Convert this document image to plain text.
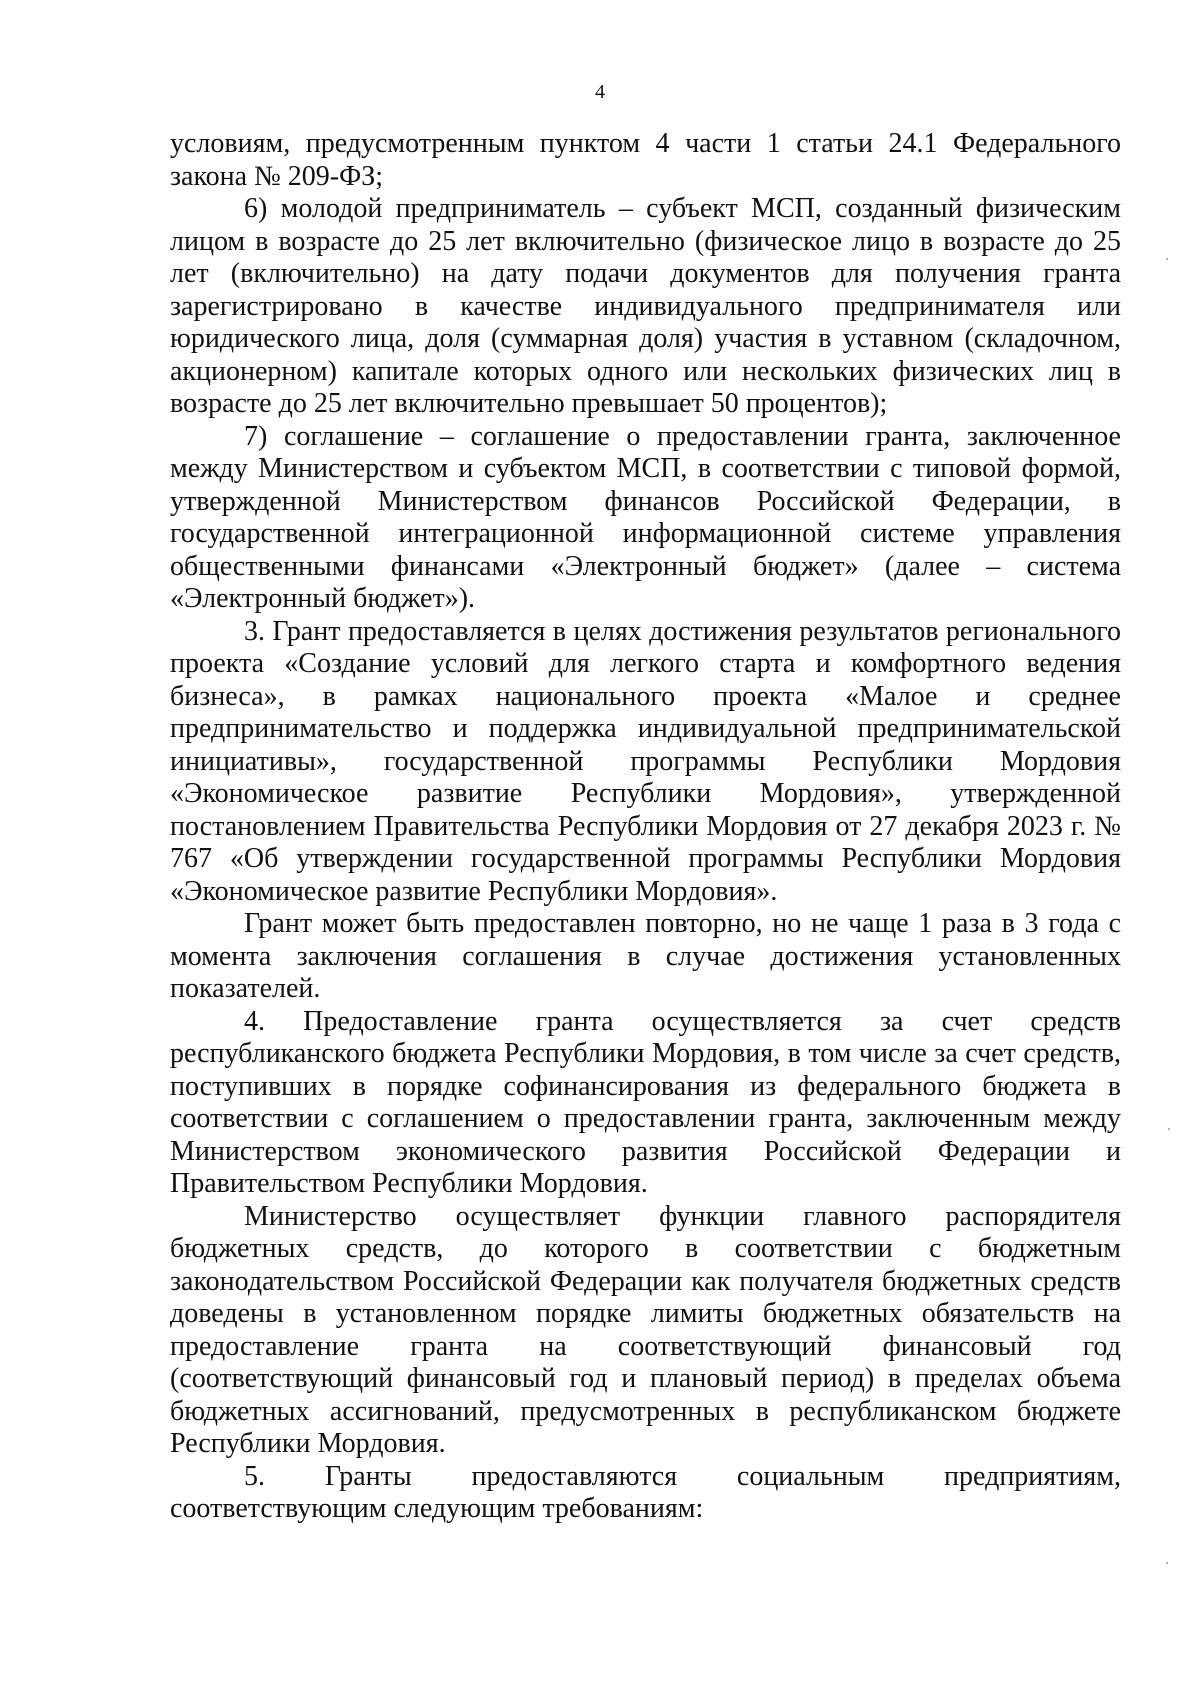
4

условиям, предусмотренным пунктом 4 части 1 статьи 24.1 Федерального закона № 209-ФЗ;

6) молодой предприниматель – субъект МСП, созданный физическим лицом в возрасте до 25 лет включительно (физическое лицо в возрасте до 25 лет (включительно) на дату подачи документов для получения гранта зарегистрировано в качестве индивидуального предпринимателя или юридического лица, доля (суммарная доля) участия в уставном (складочном, акционерном) капитале которых одного или нескольких физических лиц в возрасте до 25 лет включительно превышает 50 процентов);

7) соглашение – соглашение о предоставлении гранта, заключенное между Министерством и субъектом МСП, в соответствии с типовой формой, утвержденной Министерством финансов Российской Федерации, в государственной интеграционной информационной системе управления общественными финансами «Электронный бюджет» (далее – система «Электронный бюджет»).

3. Грант предоставляется в целях достижения результатов регионального проекта «Создание условий для легкого старта и комфортного ведения бизнеса», в рамках национального проекта «Малое и среднее предпринимательство и поддержка индивидуальной предпринимательской инициативы», государственной программы Республики Мордовия «Экономическое развитие Республики Мордовия», утвержденной постановлением Правительства Республики Мордовия от 27 декабря 2023 г. № 767 «Об утверждении государственной программы Республики Мордовия «Экономическое развитие Республики Мордовия».

Грант может быть предоставлен повторно, но не чаще 1 раза в 3 года с момента заключения соглашения в случае достижения установленных показателей.

4. Предоставление гранта осуществляется за счет средств республиканского бюджета Республики Мордовия, в том числе за счет средств, поступивших в порядке софинансирования из федерального бюджета в соответствии с соглашением о предоставлении гранта, заключенным между Министерством экономического развития Российской Федерации и Правительством Республики Мордовия.

Министерство осуществляет функции главного распорядителя бюджетных средств, до которого в соответствии с бюджетным законодательством Российской Федерации как получателя бюджетных средств доведены в установленном порядке лимиты бюджетных обязательств на предоставление гранта на соответствующий финансовый год (соответствующий финансовый год и плановый период) в пределах объема бюджетных ассигнований, предусмотренных в республиканском бюджете Республики Мордовия.

5. Гранты предоставляются социальным предприятиям, соответствующим следующим требованиям:
